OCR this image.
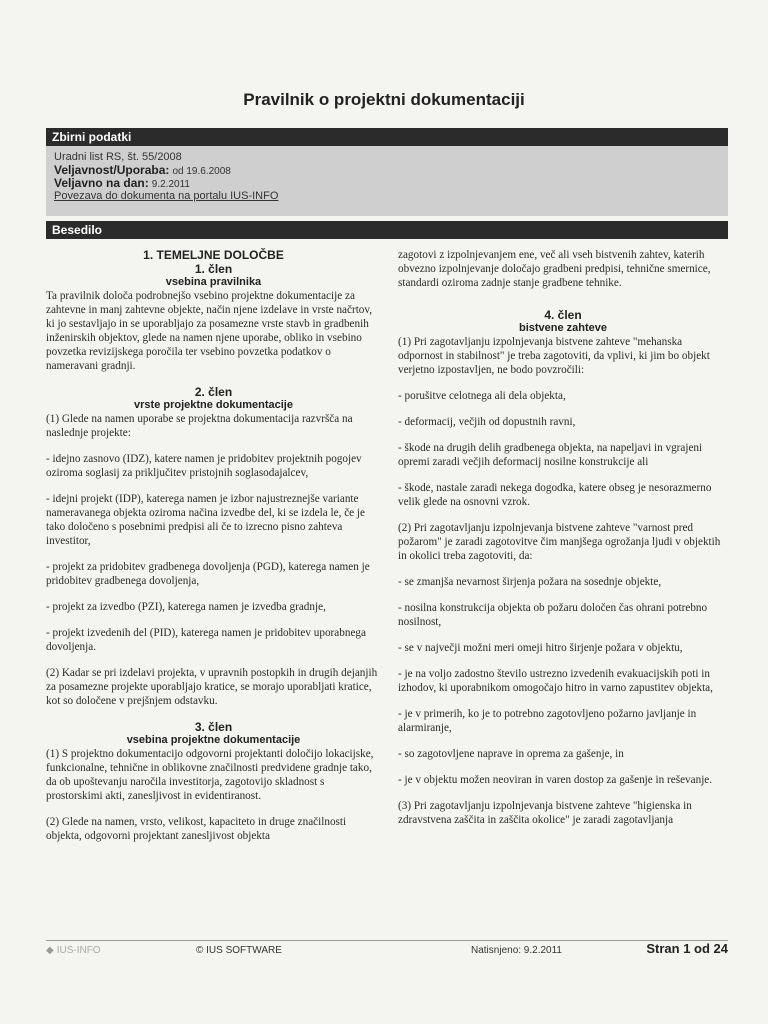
Pravilnik o projektni dokumentaciji
Zbirni podatki
Uradni list RS, št. 55/2008
Veljavnost/Uporaba: od 19.6.2008
Veljavno na dan: 9.2.2011
Povezava do dokumenta na portalu IUS-INFO
Besedilo
1. TEMELJNE DOLOČBE
1. člen
vsebina pravilnika

Ta pravilnik določa podrobnejšo vsebino projektne dokumentacije za zahtevne in manj zahtevne objekte, način njene izdelave in vrste načrtov, ki jo sestavljajo in se uporabljajo za posamezne vrste stavb in gradbenih inženirskih objektov, glede na namen njene uporabe, obliko in vsebino povzetka revizijskega poročila ter vsebino povzetka podatkov o nameravani gradnji.

2. člen
vrste projektne dokumentacije

(1) Glede na namen uporabe se projektna dokumentacija razvršča na naslednje projekte:

- idejno zasnovo (IDZ), katere namen je pridobitev projektnih pogojev oziroma soglasij za priključitev pristojnih soglasodajalcev,

- idejni projekt (IDP), katerega namen je izbor najustreznejše variante nameravanega objekta oziroma načina izvedbe del, ki se izdela le, če je tako določeno s posebnimi predpisi ali če to izrecno pisno zahteva investitor,

- projekt za pridobitev gradbenega dovoljenja (PGD), katerega namen je pridobitev gradbenega dovoljenja,

- projekt za izvedbo (PZI), katerega namen je izvedba gradnje,

- projekt izvedenih del (PID), katerega namen je pridobitev uporabnega dovoljenja.

(2) Kadar se pri izdelavi projekta, v upravnih postopkih in drugih dejanjih za posamezne projekte uporabljajo kratice, se morajo uporabljati kratice, kot so določene v prejšnjem odstavku.

3. člen
vsebina projektne dokumentacije

(1) S projektno dokumentacijo odgovorni projektanti določijo lokacijske, funkcionalne, tehnične in oblikovne značilnosti predvidene gradnje tako, da ob upoštevanju naročila investitorja, zagotovijo skladnost s prostorskimi akti, zanesljivost in evidentiranost.

(2) Glede na namen, vrsto, velikost, kapaciteto in druge značilnosti objekta, odgovorni projektant zanesljivost objekta

zagotovi z izpolnjevanjem ene, več ali vseh bistvenih zahtev, katerih obvezno izpolnjevanje določajo gradbeni predpisi, tehnične smernice, standardi oziroma zadnje stanje gradbene tehnike.

4. člen
bistvene zahteve

(1) Pri zagotavljanju izpolnjevanja bistvene zahteve "mehanska odpornost in stabilnost" je treba zagotoviti, da vplivi, ki jim bo objekt verjetno izpostavljen, ne bodo povzročili:

- porušitve celotnega ali dela objekta,

- deformacij, večjih od dopustnih ravni,

- škode na drugih delih gradbenega objekta, na napeljavi in vgrajeni opremi zaradi večjih deformacij nosilne konstrukcije ali

- škode, nastale zaradi nekega dogodka, katere obseg je nesorazmerno velik glede na osnovni vzrok.

(2) Pri zagotavljanju izpolnjevanja bistvene zahteve "varnost pred požarom" je zaradi zagotovitve čim manjšega ogrožanja ljudi v objektih in okolici treba zagotoviti, da:

- se zmanjša nevarnost širjenja požara na sosednje objekte,

- nosilna konstrukcija objekta ob požaru določen čas ohrani potrebno nosilnost,

- se v največji možni meri omeji hitro širjenje požara v objektu,

- je na voljo zadostno število ustrezno izvedenih evakuacijskih poti in izhodov, ki uporabnikom omogočajo hitro in varno zapustitev objekta,

- je v primerih, ko je to potrebno zagotovljeno požarno javljanje in alarmiranje,

- so zagotovljene naprave in oprema za gašenje, in

- je v objektu možen neoviran in varen dostop za gašenje in reševanje.

(3) Pri zagotavljanju izpolnjevanja bistvene zahteve "higienska in zdravstvena zaščita in zaščita okolice" je zaradi zagotavljanja

◆ IUS-INFO	© IUS SOFTWARE	Natisnjeno: 9.2.2011	Stran 1 od 24
